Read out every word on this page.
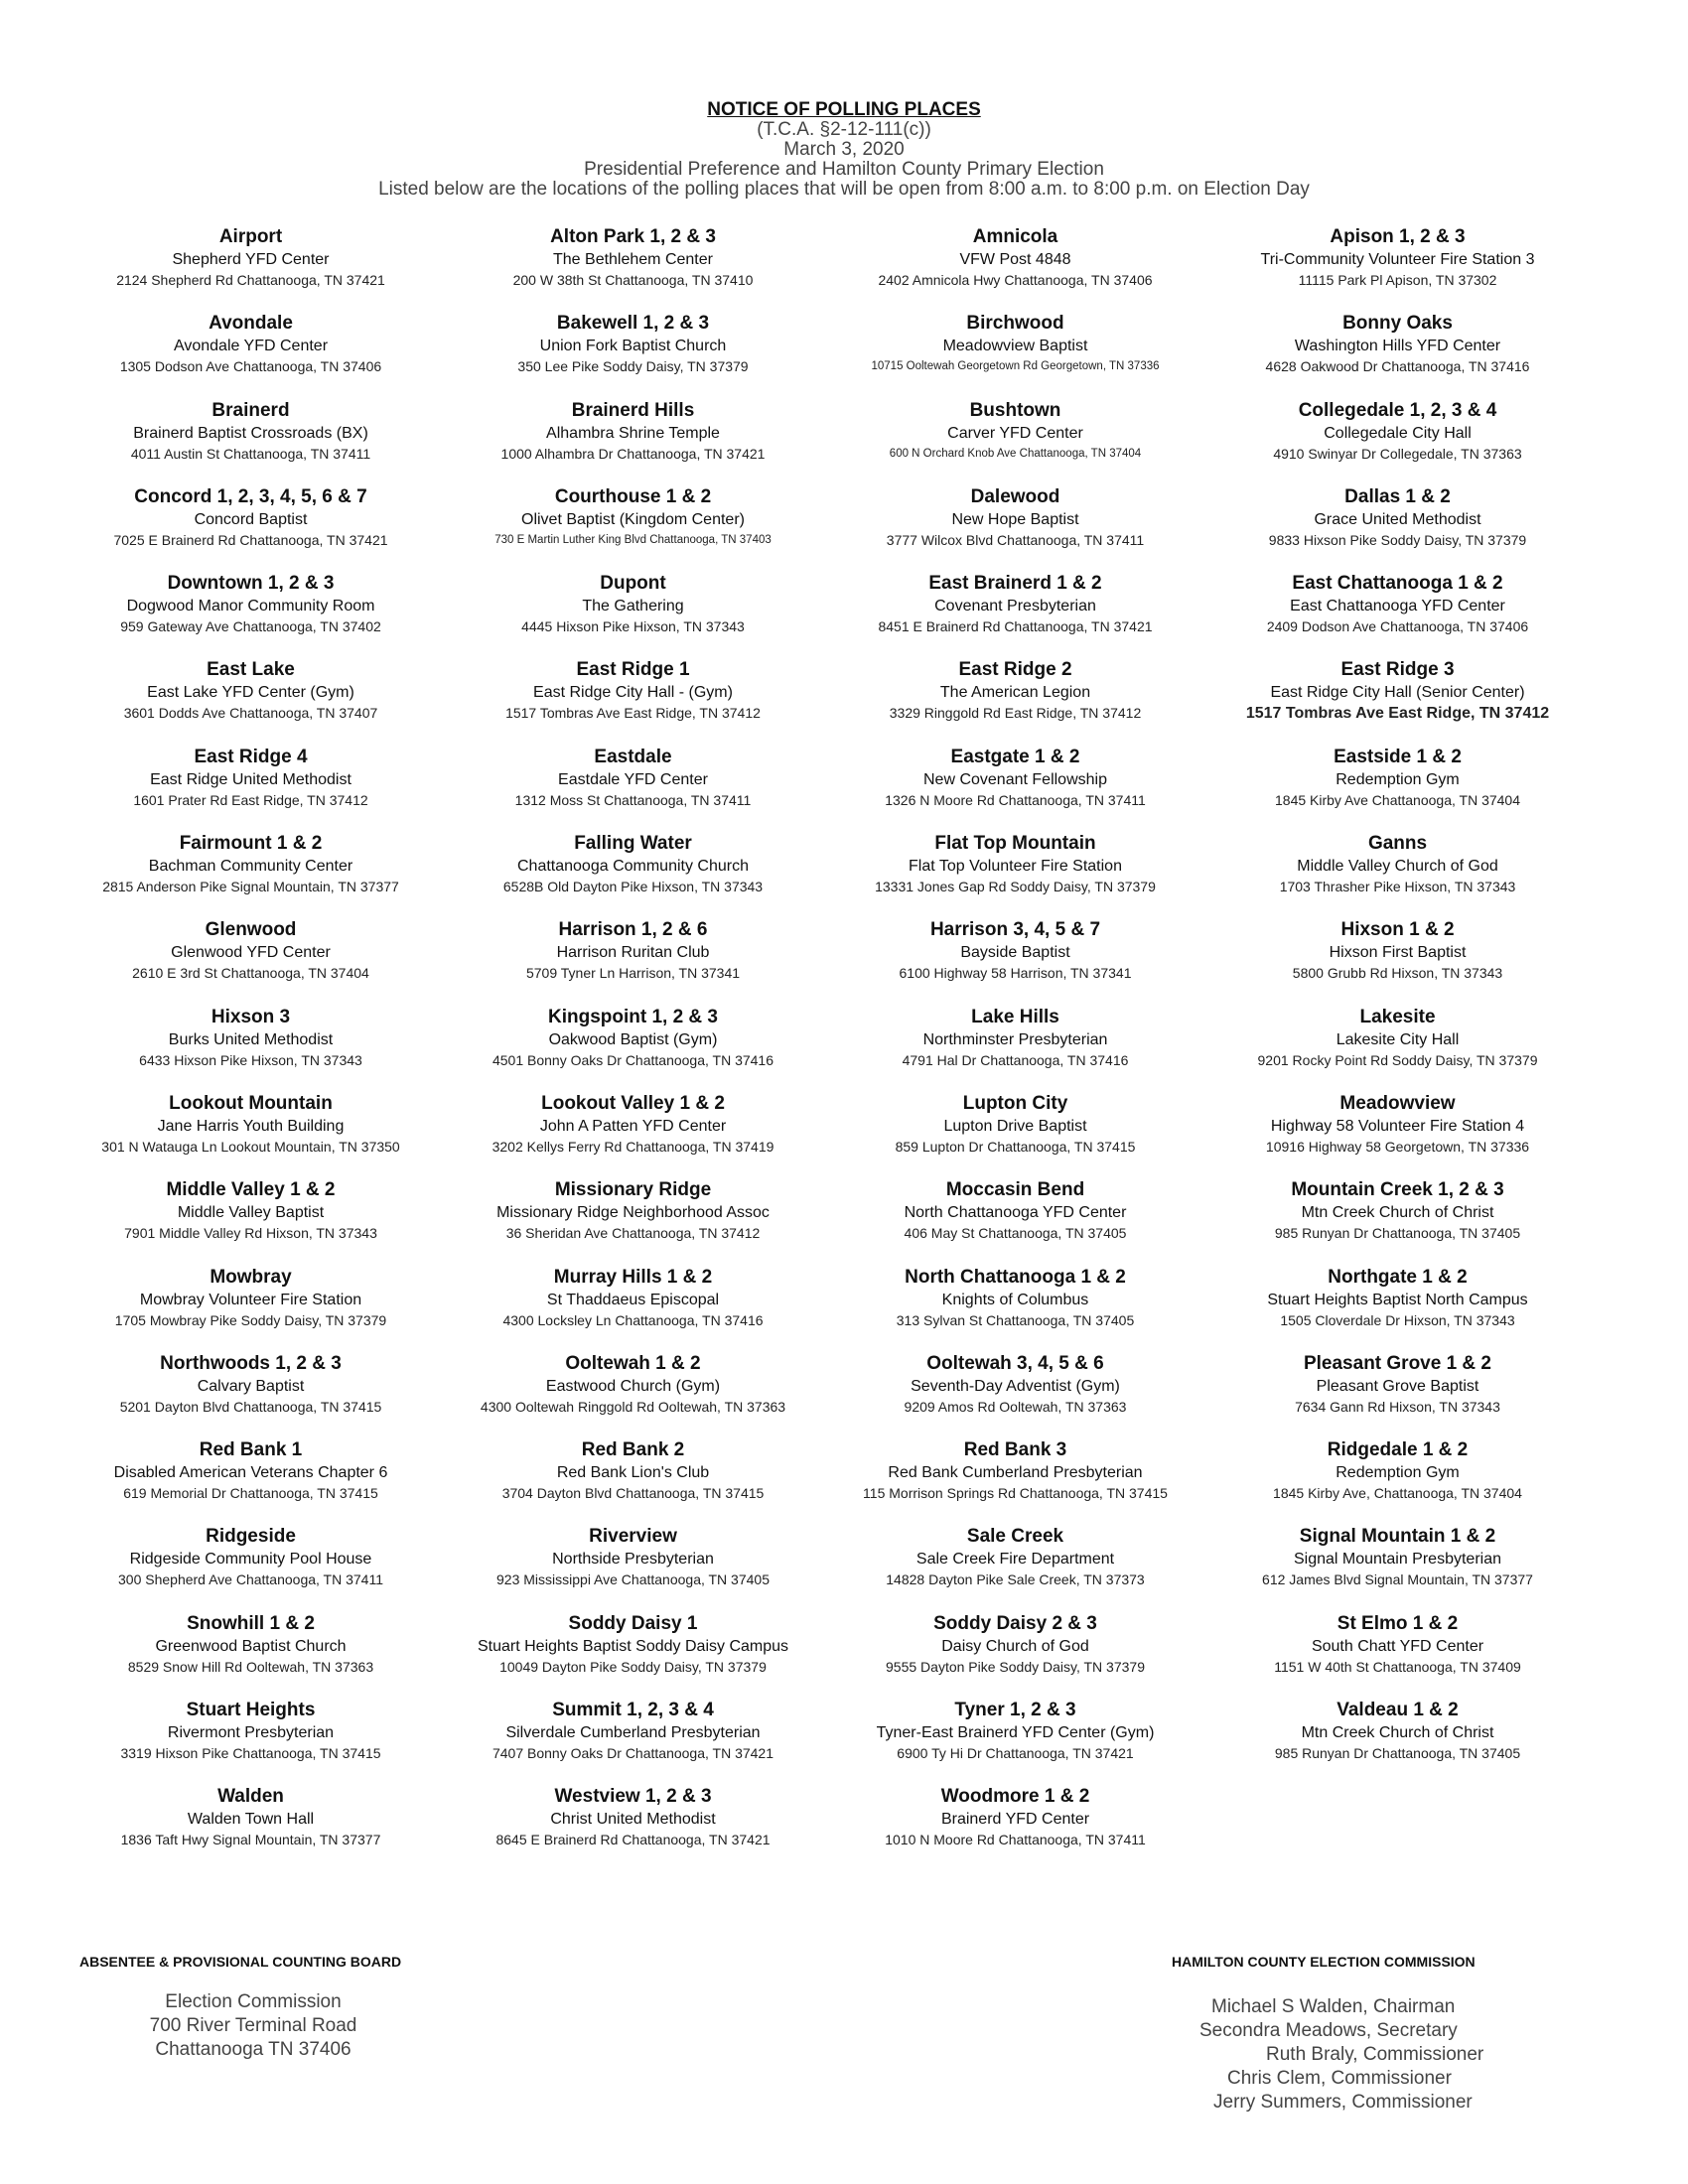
NOTICE OF POLLING PLACES

(T.C.A. §2-12-111(c))

March 3, 2020

Presidential Preference and Hamilton County Primary Election

Listed below are the locations of the polling places that will be open from 8:00 a.m. to 8:00 p.m. on Election Day

Airport
Shepherd YFD Center
2124 Shepherd Rd Chattanooga, TN 37421
Alton Park 1, 2 & 3
The Bethlehem Center
200 W 38th St Chattanooga, TN 37410
Amnicola
VFW Post 4848
2402 Amnicola Hwy Chattanooga, TN 37406
Apison 1, 2 & 3
Tri-Community Volunteer Fire Station 3
11115 Park Pl Apison, TN 37302
Avondale
Avondale YFD Center
1305 Dodson Ave Chattanooga, TN 37406
Bakewell 1, 2 & 3
Union Fork Baptist Church
350 Lee Pike Soddy Daisy, TN 37379
Birchwood
Meadowview Baptist
10715 Ooltewah Georgetown Rd Georgetown, TN 37336
Bonny Oaks
Washington Hills YFD Center
4628 Oakwood Dr Chattanooga, TN 37416
Brainerd
Brainerd Baptist Crossroads (BX)
4011 Austin St Chattanooga, TN 37411
Brainerd Hills
Alhambra Shrine Temple
1000 Alhambra Dr Chattanooga, TN 37421
Bushtown
Carver YFD Center
600 N Orchard Knob Ave Chattanooga, TN 37404
Collegedale 1, 2, 3 & 4
Collegedale City Hall
4910 Swinyar Dr Collegedale, TN 37363
Concord 1, 2, 3, 4, 5, 6 & 7
Concord Baptist
7025 E Brainerd Rd Chattanooga, TN 37421
Courthouse 1 & 2
Olivet Baptist (Kingdom Center)
730 E Martin Luther King Blvd Chattanooga, TN 37403
Dalewood
New Hope Baptist
3777 Wilcox Blvd Chattanooga, TN 37411
Dallas 1 & 2
Grace United Methodist
9833 Hixson Pike Soddy Daisy, TN 37379
Downtown 1, 2 & 3
Dogwood Manor Community Room
959 Gateway Ave Chattanooga, TN 37402
Dupont
The Gathering
4445 Hixson Pike Hixson, TN 37343
East Brainerd 1 & 2
Covenant Presbyterian
8451 E Brainerd Rd Chattanooga, TN 37421
East Chattanooga 1 & 2
East Chattanooga YFD Center
2409 Dodson Ave Chattanooga, TN 37406
East Lake
East Lake YFD Center (Gym)
3601 Dodds Ave Chattanooga, TN 37407
East Ridge 1
East Ridge City Hall - (Gym)
1517 Tombras Ave East Ridge, TN 37412
East Ridge 2
The American Legion
3329 Ringgold Rd East Ridge, TN 37412
East Ridge 3
East Ridge City Hall (Senior Center)
1517 Tombras Ave East Ridge, TN 37412
East Ridge 4
East Ridge United Methodist
1601 Prater Rd East Ridge, TN 37412
Eastdale
Eastdale YFD Center
1312 Moss St Chattanooga, TN 37411
Eastgate 1 & 2
New Covenant Fellowship
1326 N Moore Rd Chattanooga, TN 37411
Eastside 1 & 2
Redemption Gym
1845 Kirby Ave Chattanooga, TN 37404
Fairmount 1 & 2
Bachman Community Center
2815 Anderson Pike Signal Mountain, TN 37377
Falling Water
Chattanooga Community Church
6528B Old Dayton Pike Hixson, TN 37343
Flat Top Mountain
Flat Top Volunteer Fire Station
13331 Jones Gap Rd Soddy Daisy, TN 37379
Ganns
Middle Valley Church of God
1703 Thrasher Pike Hixson, TN 37343
Glenwood
Glenwood YFD Center
2610 E 3rd St Chattanooga, TN 37404
Harrison 1, 2 & 6
Harrison Ruritan Club
5709 Tyner Ln Harrison, TN 37341
Harrison 3, 4, 5 & 7
Bayside Baptist
6100 Highway 58 Harrison, TN 37341
Hixson 1 & 2
Hixson First Baptist
5800 Grubb Rd Hixson, TN 37343
Hixson 3
Burks United Methodist
6433 Hixson Pike Hixson, TN 37343
Kingspoint 1, 2 & 3
Oakwood Baptist (Gym)
4501 Bonny Oaks Dr Chattanooga, TN 37416
Lake Hills
Northminster Presbyterian
4791 Hal Dr Chattanooga, TN 37416
Lakesite
Lakesite City Hall
9201 Rocky Point Rd Soddy Daisy, TN 37379
Lookout Mountain
Jane Harris Youth Building
301 N Watauga Ln Lookout Mountain, TN 37350
Lookout Valley 1 & 2
John A Patten YFD Center
3202 Kellys Ferry Rd Chattanooga, TN 37419
Lupton City
Lupton Drive Baptist
859 Lupton Dr Chattanooga, TN 37415
Meadowview
Highway 58 Volunteer Fire Station 4
10916 Highway 58 Georgetown, TN 37336
Middle Valley 1 & 2
Middle Valley Baptist
7901 Middle Valley Rd Hixson, TN 37343
Missionary Ridge
Missionary Ridge Neighborhood Assoc
36 Sheridan Ave Chattanooga, TN 37412
Moccasin Bend
North Chattanooga YFD Center
406 May St Chattanooga, TN 37405
Mountain Creek 1, 2 & 3
Mtn Creek Church of Christ
985 Runyan Dr Chattanooga, TN 37405
Mowbray
Mowbray Volunteer Fire Station
1705 Mowbray Pike Soddy Daisy, TN 37379
Murray Hills 1 & 2
St Thaddaeus Episcopal
4300 Locksley Ln Chattanooga, TN 37416
North Chattanooga 1 & 2
Knights of Columbus
313 Sylvan St Chattanooga, TN 37405
Northgate 1 & 2
Stuart Heights Baptist North Campus
1505 Cloverdale Dr Hixson, TN 37343
Northwoods 1, 2 & 3
Calvary Baptist
5201 Dayton Blvd Chattanooga, TN 37415
Ooltewah 1 & 2
Eastwood Church (Gym)
4300 Ooltewah Ringgold Rd Ooltewah, TN 37363
Ooltewah 3, 4, 5 & 6
Seventh-Day Adventist (Gym)
9209 Amos Rd Ooltewah, TN 37363
Pleasant Grove 1 & 2
Pleasant Grove Baptist
7634 Gann Rd Hixson, TN 37343
Red Bank 1
Disabled American Veterans Chapter 6
619 Memorial Dr Chattanooga, TN 37415
Red Bank 2
Red Bank Lion's Club
3704 Dayton Blvd Chattanooga, TN 37415
Red Bank 3
Red Bank Cumberland Presbyterian
115 Morrison Springs Rd Chattanooga, TN 37415
Ridgedale 1 & 2
Redemption Gym
1845 Kirby Ave, Chattanooga, TN 37404
Ridgeside
Ridgeside Community Pool House
300 Shepherd Ave Chattanooga, TN 37411
Riverview
Northside Presbyterian
923 Mississippi Ave Chattanooga, TN 37405
Sale Creek
Sale Creek Fire Department
14828 Dayton Pike Sale Creek, TN 37373
Signal Mountain 1 & 2
Signal Mountain Presbyterian
612 James Blvd Signal Mountain, TN 37377
Snowhill 1 & 2
Greenwood Baptist Church
8529 Snow Hill Rd Ooltewah, TN 37363
Soddy Daisy 1
Stuart Heights Baptist Soddy Daisy Campus
10049 Dayton Pike Soddy Daisy, TN 37379
Soddy Daisy 2 & 3
Daisy Church of God
9555 Dayton Pike Soddy Daisy, TN 37379
St Elmo 1 & 2
South Chatt YFD Center
1151 W 40th St Chattanooga, TN 37409
Stuart Heights
Rivermont Presbyterian
3319 Hixson Pike Chattanooga, TN 37415
Summit 1, 2, 3 & 4
Silverdale Cumberland Presbyterian
7407 Bonny Oaks Dr Chattanooga, TN 37421
Tyner 1, 2 & 3
Tyner-East Brainerd YFD Center (Gym)
6900 Ty Hi Dr Chattanooga, TN 37421
Valdeau 1 & 2
Mtn Creek Church of Christ
985 Runyan Dr Chattanooga, TN 37405
Walden
Walden Town Hall
1836 Taft Hwy Signal Mountain, TN 37377
Westview 1, 2 & 3
Christ United Methodist
8645 E Brainerd Rd Chattanooga, TN 37421
Woodmore 1 & 2
Brainerd YFD Center
1010 N Moore Rd Chattanooga, TN 37411
ABSENTEE & PROVISIONAL COUNTING BOARD
Election Commission
700 River Terminal Road
Chattanooga TN 37406
HAMILTON COUNTY ELECTION COMMISSION
Michael S Walden, Chairman
Secondra Meadows, Secretary
Ruth Braly, Commissioner
Chris Clem, Commissioner
Jerry Summers, Commissioner
